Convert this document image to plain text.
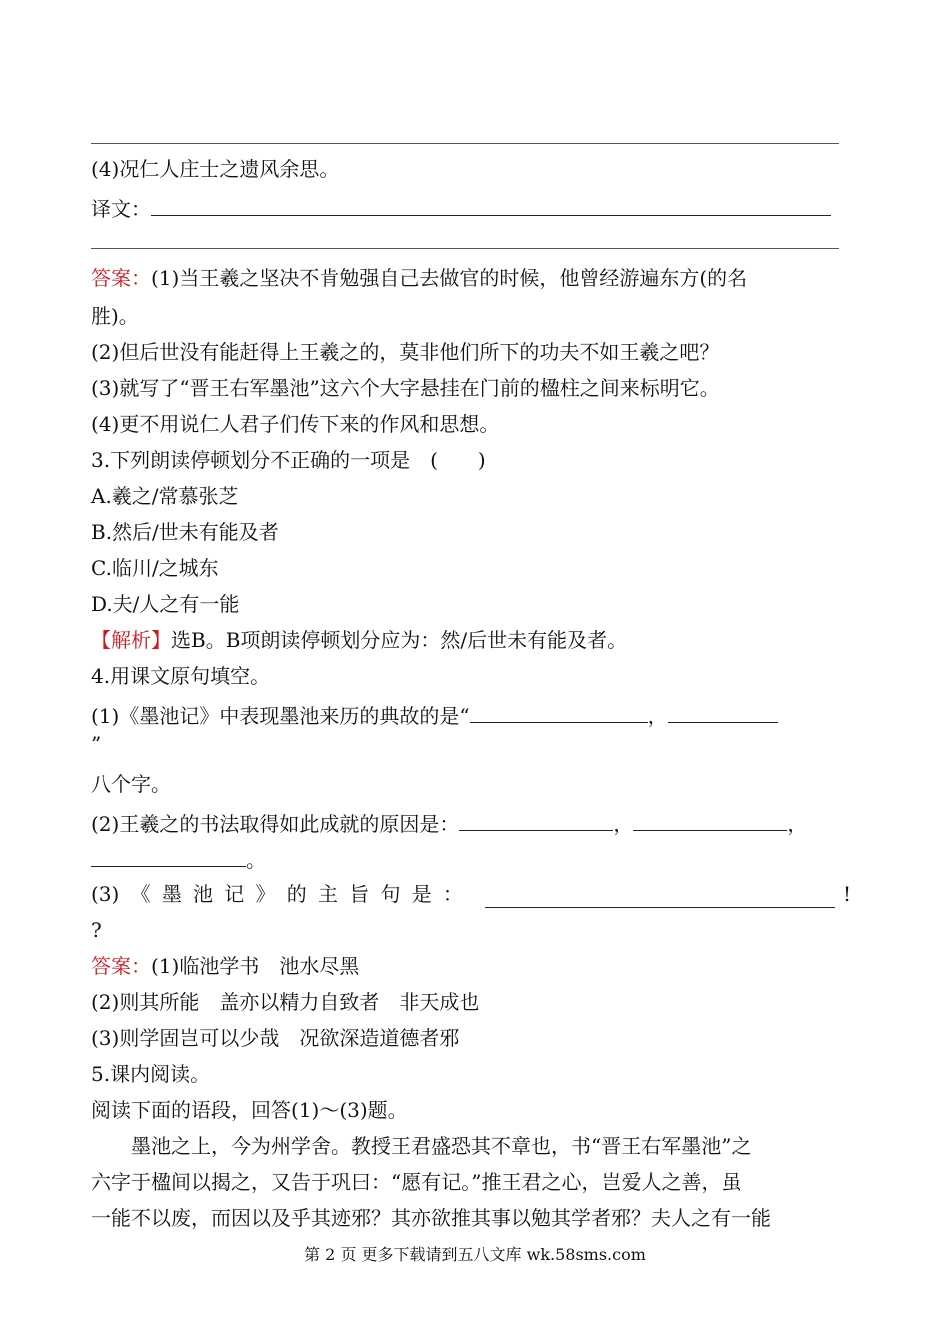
(4)况仁人庄士之遗风余思。
译文：
答案：(1)当王羲之坚决不肯勉强自己去做官的时候，他曾经游遍东方(的名
胜)。
(2)但后世没有能赶得上王羲之的，莫非他们所下的功夫不如王羲之吧？
(3)就写了“晋王右军墨池”这六个大字悬挂在门前的楹柱之间来标明它。
(4)更不用说仁人君子们传下来的作风和思想。
3.下列朗读停顿划分不正确的一项是　(　　)
A.羲之/常慕张芝
B.然后/世未有能及者
C.临川/之城东
D.夫/人之有一能
【解析】选B。B项朗读停顿划分应为：然/后世未有能及者。
4.用课文原句填空。
(1)《墨池记》中表现墨池来历的典故的是“	，
”
八个字。
(2)王羲之的书法取得如此成就的原因是：	，	，
。
(3) 《 墨 池 记 》 的 主 旨 句 是 ：	!
?
答案：(1)临池学书　池水尽黑
(2)则其所能　盖亦以精力自致者　非天成也
(3)则学固岂可以少哉　况欲深造道德者邪
5.课内阅读。
阅读下面的语段，回答(1)～(3)题。
墨池之上，今为州学舍。教授王君盛恐其不章也，书“晋王右军墨池”之
六字于楹间以揭之，又告于巩曰：“愿有记。”推王君之心，岂爱人之善，虽
一能不以废，而因以及乎其迹邪？其亦欲推其事以勉其学者邪？夫人之有一能
第 2 页 更多下载请到五八文库 wk.58sms.com
